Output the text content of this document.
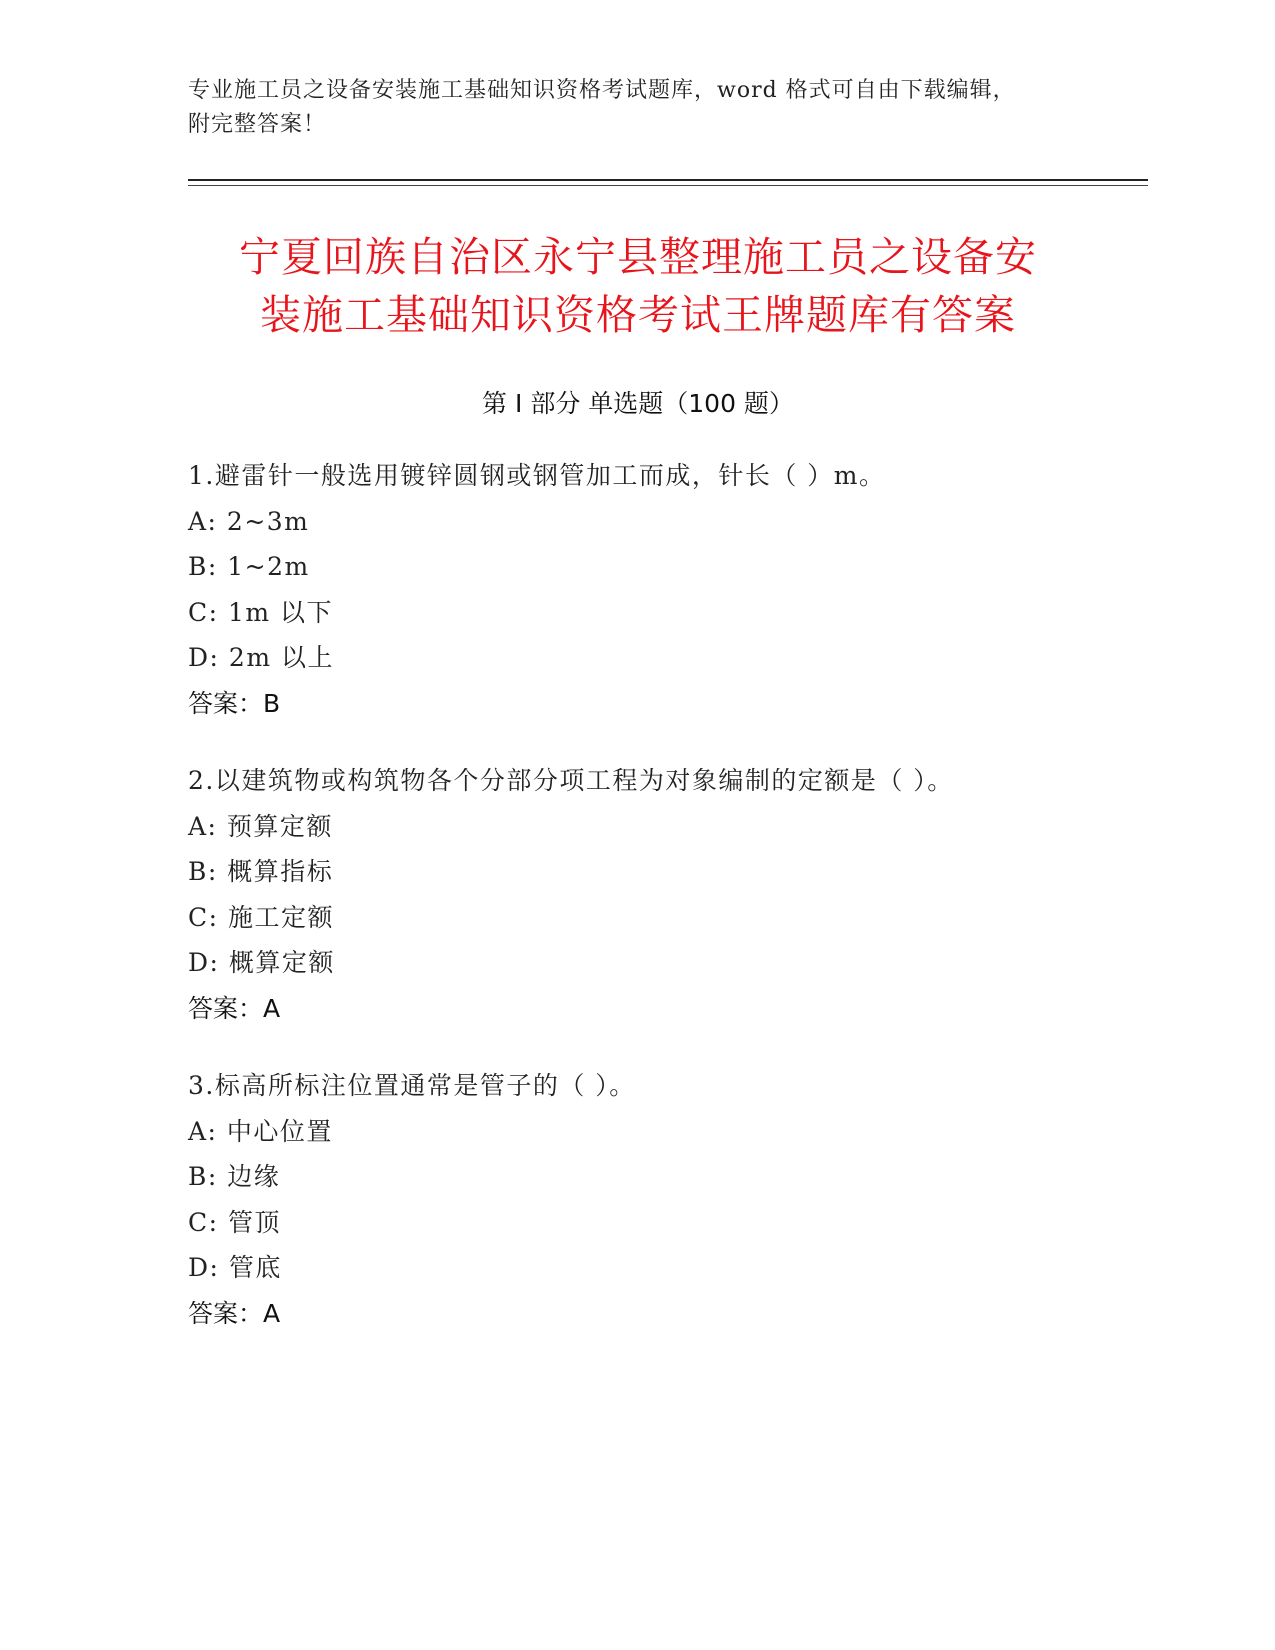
专业施工员之设备安装施工基础知识资格考试题库，word 格式可自由下载编辑，
附完整答案！
宁夏回族自治区永宁县整理施工员之设备安
装施工基础知识资格考试王牌题库有答案
第 I 部分 单选题（100 题）
1.避雷针一般选用镀锌圆钢或钢管加工而成，针长（ ）m。
A: 2~3m
B: 1~2m
C: 1m 以下
D: 2m 以上
答案：B
2.以建筑物或构筑物各个分部分项工程为对象编制的定额是（ ）。
A: 预算定额
B: 概算指标
C: 施工定额
D: 概算定额
答案：A
3.标高所标注位置通常是管子的（ ）。
A: 中心位置
B: 边缘
C: 管顶
D: 管底
答案：A
